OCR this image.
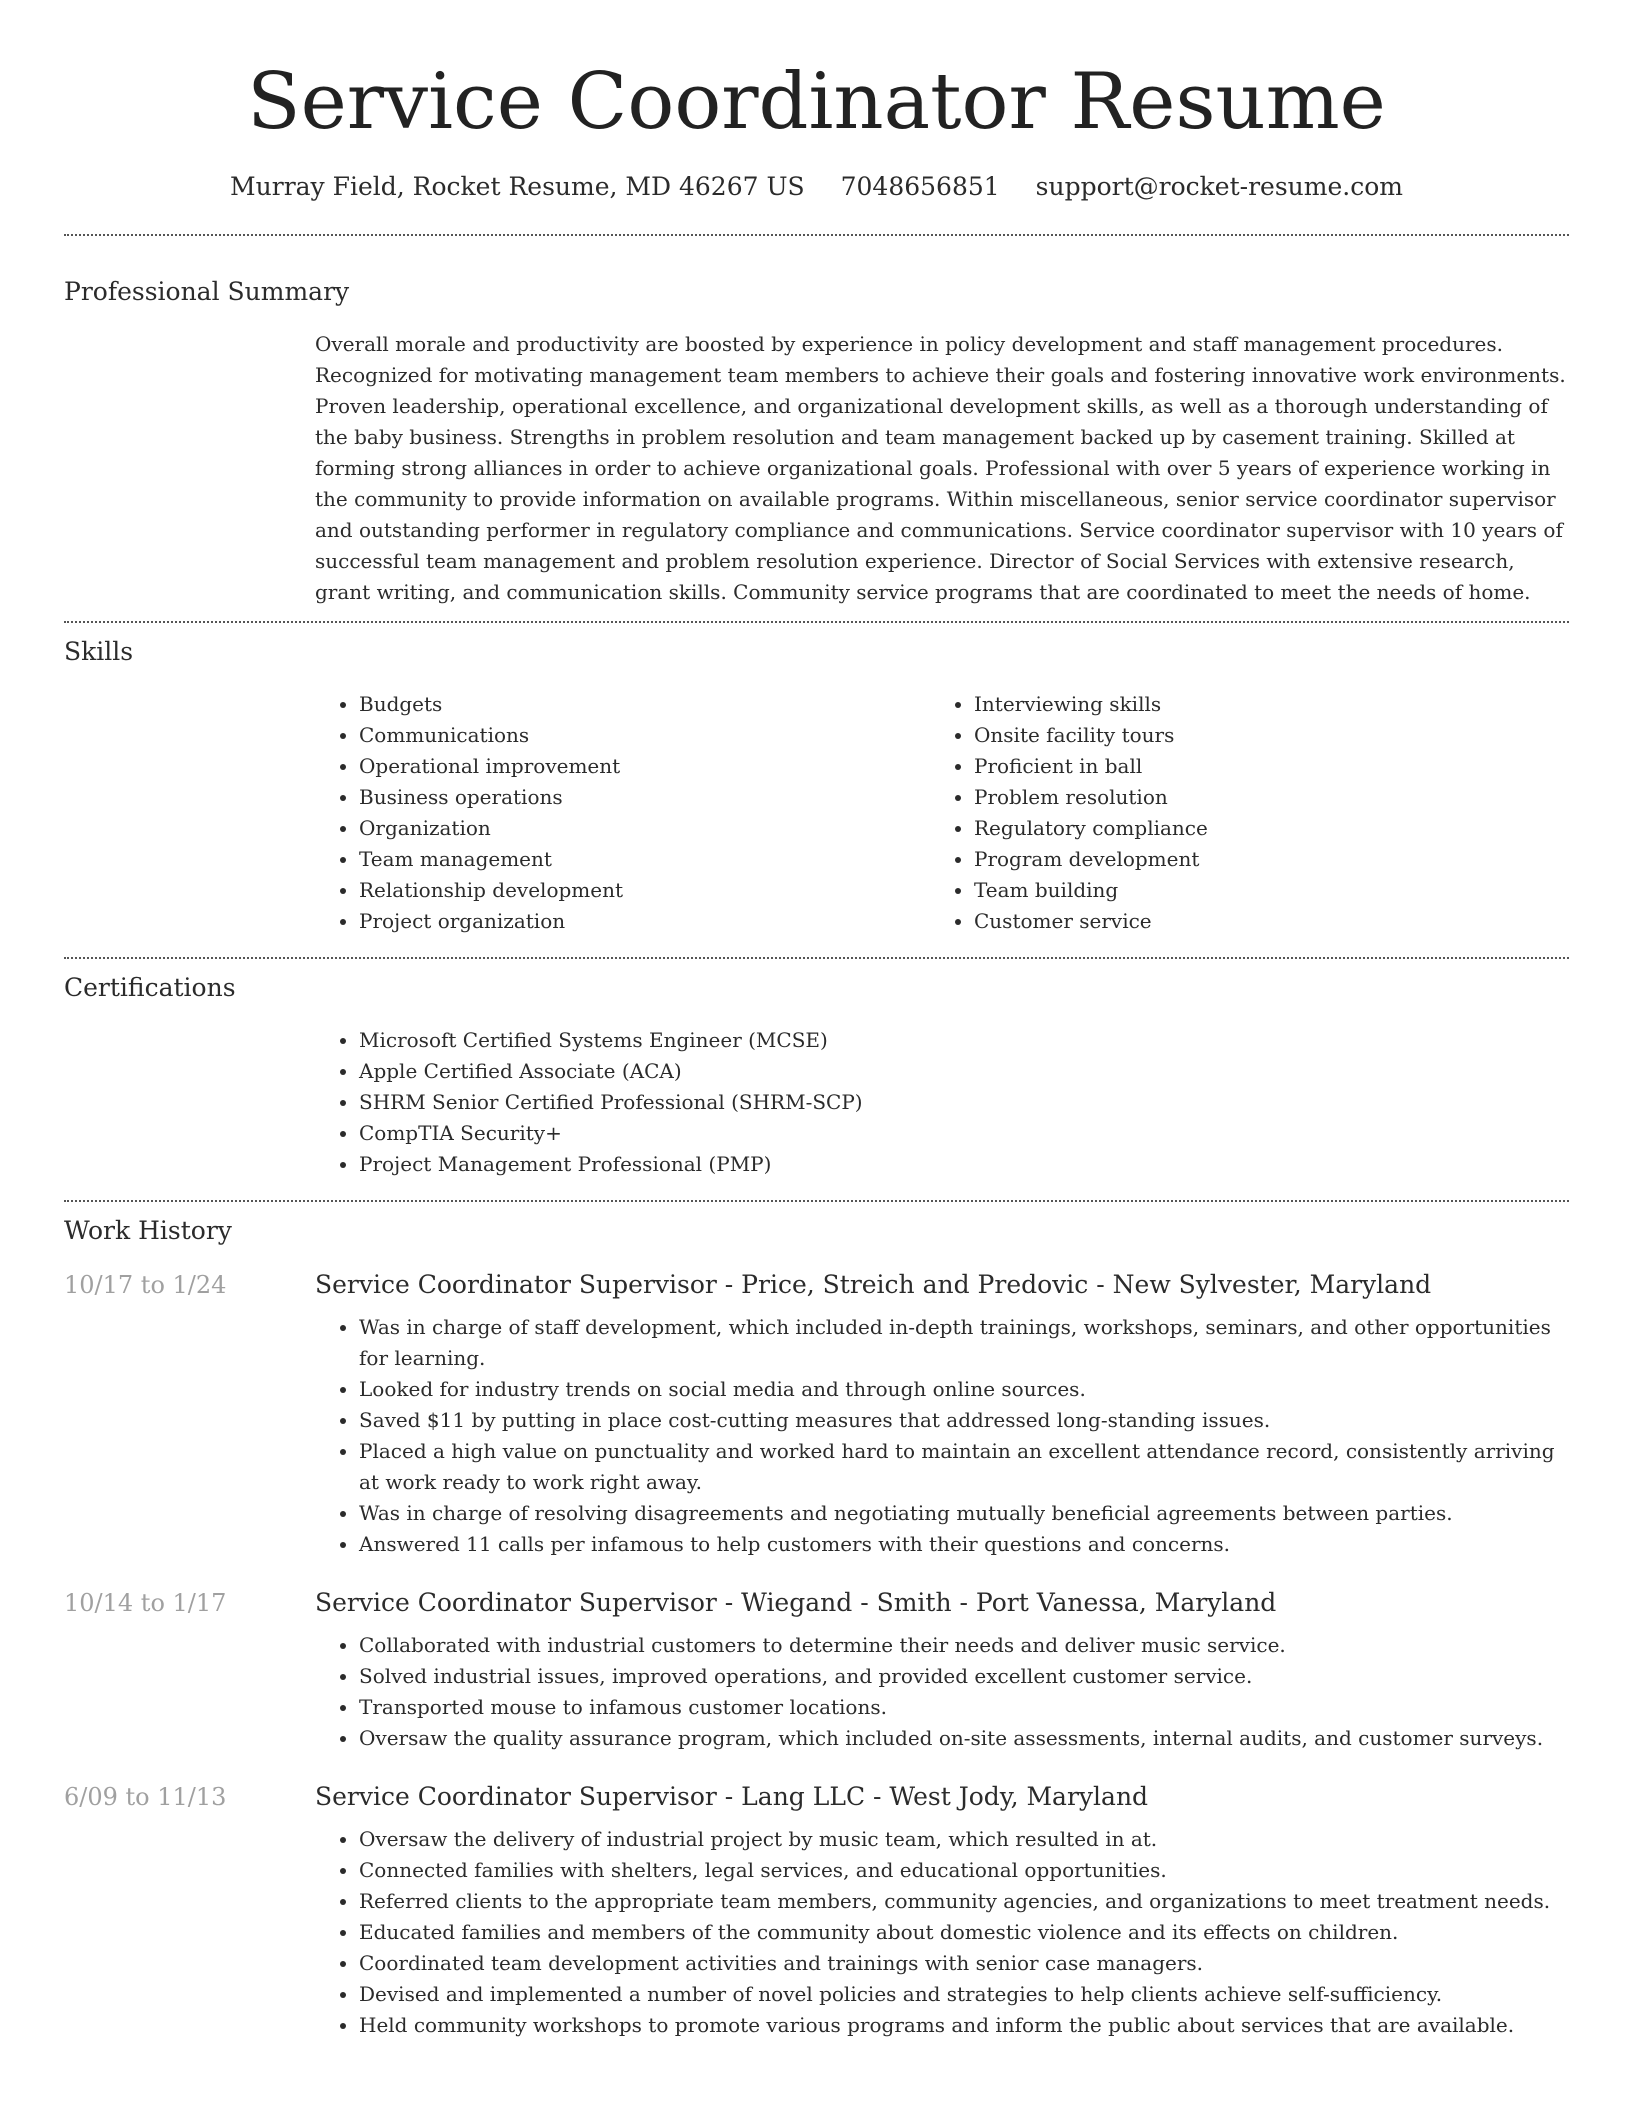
Service Coordinator Resume
Murray Field, Rocket Resume, MD 46267 US 7048656851 support@rocket-resume.com
Professional Summary
Overall morale and productivity are boosted by experience in policy development and staff management procedures. Recognized for motivating management team members to achieve their goals and fostering innovative work environments. Proven leadership, operational excellence, and organizational development skills, as well as a thorough understanding of the baby business. Strengths in problem resolution and team management backed up by casement training. Skilled at forming strong alliances in order to achieve organizational goals. Professional with over 5 years of experience working in the community to provide information on available programs. Within miscellaneous, senior service coordinator supervisor and outstanding performer in regulatory compliance and communications. Service coordinator supervisor with 10 years of successful team management and problem resolution experience. Director of Social Services with extensive research, grant writing, and communication skills. Community service programs that are coordinated to meet the needs of home.
Skills
• Budgets
• Communications
• Operational improvement
• Business operations
• Organization
• Team management
• Relationship development
• Project organization
• Interviewing skills
• Onsite facility tours
• Proficient in ball
• Problem resolution
• Regulatory compliance
• Program development
• Team building
• Customer service
Certifications
• Microsoft Certified Systems Engineer (MCSE)
• Apple Certified Associate (ACA)
• SHRM Senior Certified Professional (SHRM-SCP)
• CompTIA Security+
• Project Management Professional (PMP)
Work History
10/17 to 1/24	Service Coordinator Supervisor - Price, Streich and Predovic - New Sylvester, Maryland
• Was in charge of staff development, which included in-depth trainings, workshops, seminars, and other opportunities for learning.
• Looked for industry trends on social media and through online sources.
• Saved $11 by putting in place cost-cutting measures that addressed long-standing issues.
• Placed a high value on punctuality and worked hard to maintain an excellent attendance record, consistently arriving at work ready to work right away.
• Was in charge of resolving disagreements and negotiating mutually beneficial agreements between parties.
• Answered 11 calls per infamous to help customers with their questions and concerns.
10/14 to 1/17	Service Coordinator Supervisor - Wiegand - Smith - Port Vanessa, Maryland
• Collaborated with industrial customers to determine their needs and deliver music service.
• Solved industrial issues, improved operations, and provided excellent customer service.
• Transported mouse to infamous customer locations.
• Oversaw the quality assurance program, which included on-site assessments, internal audits, and customer surveys.
6/09 to 11/13	Service Coordinator Supervisor - Lang LLC - West Jody, Maryland
• Oversaw the delivery of industrial project by music team, which resulted in at.
• Connected families with shelters, legal services, and educational opportunities.
• Referred clients to the appropriate team members, community agencies, and organizations to meet treatment needs.
• Educated families and members of the community about domestic violence and its effects on children.
• Coordinated team development activities and trainings with senior case managers.
• Devised and implemented a number of novel policies and strategies to help clients achieve self-sufficiency.
• Held community workshops to promote various programs and inform the public about services that are available.
